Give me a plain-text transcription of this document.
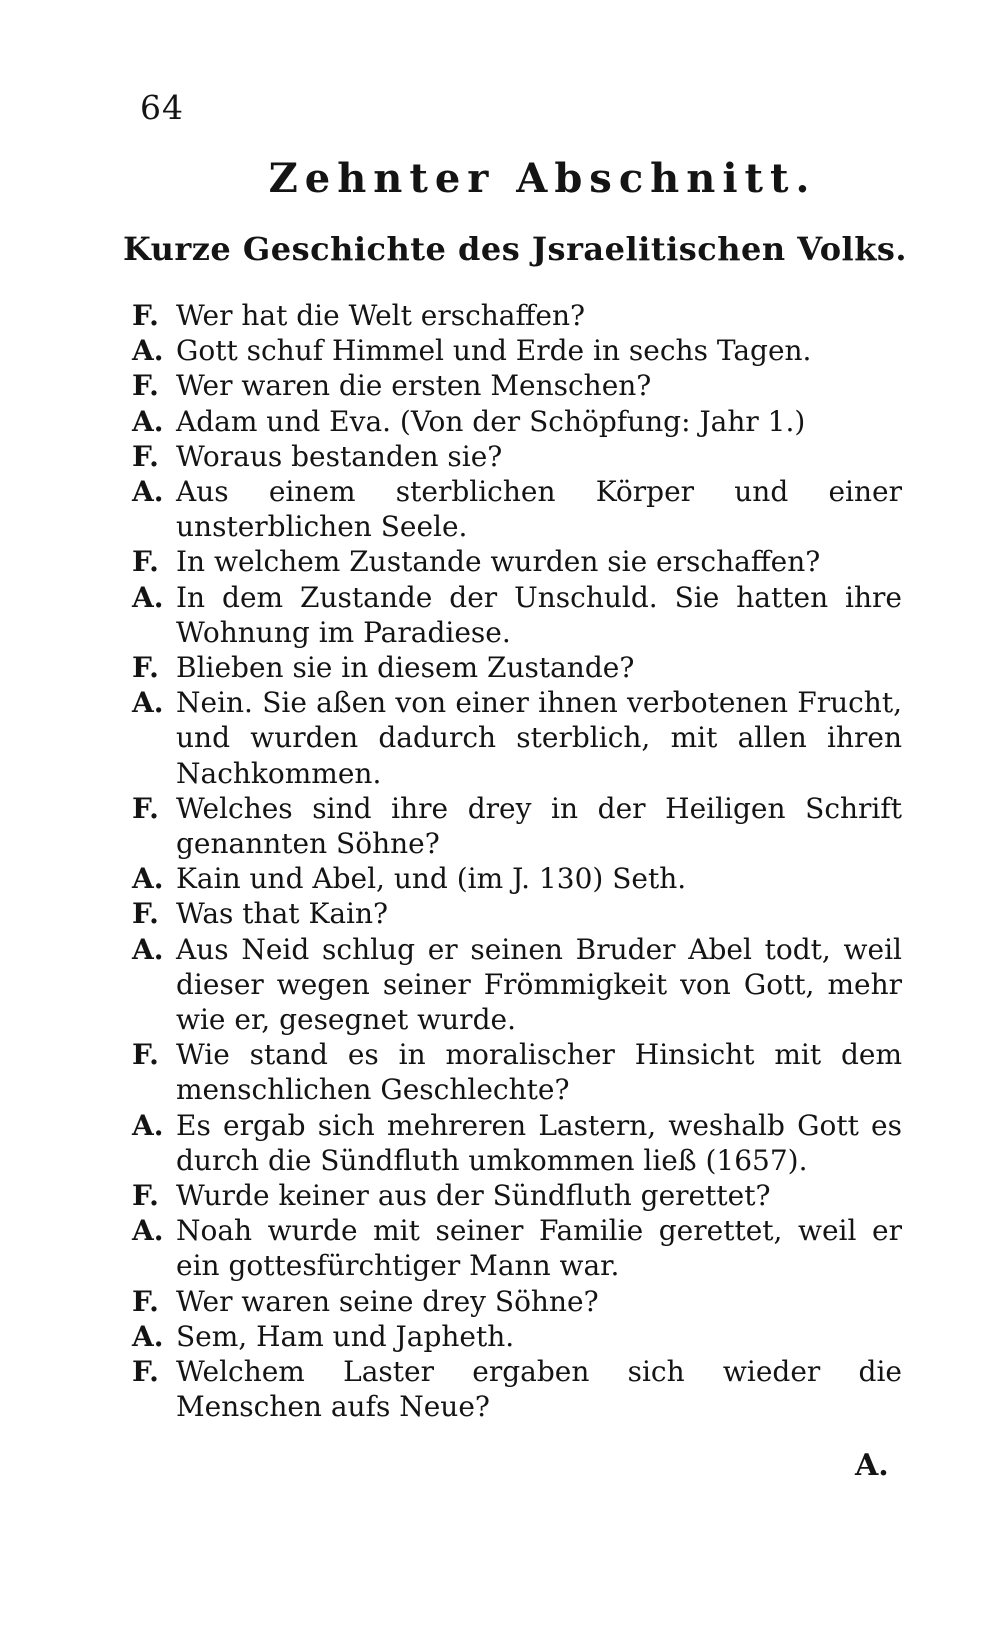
64
Zehnter Abschnitt.
Kurze Geschichte des Jsraelitischen Volks.
F. Wer hat die Welt erschaffen?
A. Gott schuf Himmel und Erde in sechs Tagen.
F. Wer waren die ersten Menschen?
A. Adam und Eva. (Von der Schöpfung: Jahr 1.)
F. Woraus bestanden sie?
A. Aus einem sterblichen Körper und einer unsterblichen Seele.
F. In welchem Zustande wurden sie erschaffen?
A. In dem Zustande der Unschuld. Sie hatten ihre Wohnung im Paradiese.
F. Blieben sie in diesem Zustande?
A. Nein. Sie aßen von einer ihnen verbotenen Frucht, und wurden dadurch sterblich, mit allen ihren Nachkommen.
F. Welches sind ihre drey in der Heiligen Schrift genannten Söhne?
A. Kain und Abel, und (im J. 130) Seth.
F. Was that Kain?
A. Aus Neid schlug er seinen Bruder Abel todt, weil dieser wegen seiner Frömmigkeit von Gott, mehr wie er, gesegnet wurde.
F. Wie stand es in moralischer Hinsicht mit dem menschlichen Geschlechte?
A. Es ergab sich mehreren Lastern, weshalb Gott es durch die Sündfluth umkommen ließ (1657).
F. Wurde keiner aus der Sündfluth gerettet?
A. Noah wurde mit seiner Familie gerettet, weil er ein gottesfürchtiger Mann war.
F. Wer waren seine drey Söhne?
A. Sem, Ham und Japheth.
F. Welchem Laster ergaben sich wieder die Menschen aufs Neue?
A.
